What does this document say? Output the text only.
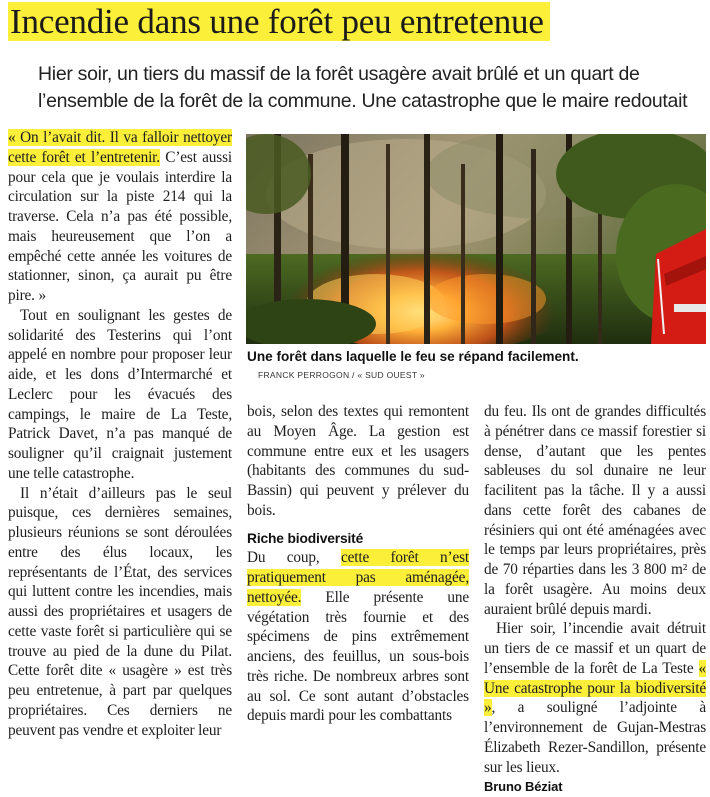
Incendie dans une forêt peu entretenue
Hier soir, un tiers du massif de la forêt usagère avait brûlé et un quart de l’ensemble de la forêt de la commune. Une catastrophe que le maire redoutait
Une forêt dans laquelle le feu se répand facilement.
FRANCK PERROGON / « SUD OUEST »

« On l’avait dit. Il va falloir nettoyer cette forêt et l’entretenir. C’est aussi pour cela que je voulais interdire la circulation sur la piste 214 qui la traverse. Cela n’a pas été possible, mais heureusement que l’on a empêché cette année les voitures de stationner, sinon, ça aurait pu être pire. »

Tout en soulignant les gestes de solidarité des Testerins qui l’ont appelé en nombre pour proposer leur aide, et les dons d’Intermarché et Leclerc pour les évacués des campings, le maire de La Teste, Patrick Davet, n’a pas manqué de souligner qu’il craignait justement une telle catastrophe.

Il n’était d’ailleurs pas le seul puisque, ces dernières semaines, plusieurs réunions se sont déroulées entre des élus locaux, les représentants de l’État, des services qui luttent contre les incendies, mais aussi des propriétaires et usagers de cette vaste forêt si particulière qui se trouve au pied de la dune du Pilat. Cette forêt dite « usagère » est très peu entretenue, à part par quelques propriétaires. Ces derniers ne peuvent pas vendre et exploiter leur

bois, selon des textes qui remontent au Moyen Âge. La gestion est commune entre eux et les usagers (habitants des communes du sud-Bassin) qui peuvent y prélever du bois.

Riche biodiversité

Du coup, cette forêt n’est pratiquement pas aménagée, nettoyée. Elle présente une végétation très fournie et des spécimens de pins extrêmement anciens, des feuillus, un sous-bois très riche. De nombreux arbres sont au sol. Ce sont autant d’obstacles depuis mardi pour les combattants

du feu. Ils ont de grandes difficultés à pénétrer dans ce massif forestier si dense, d’autant que les pentes sableuses du sol dunaire ne leur facilitent pas la tâche. Il y a aussi dans cette forêt des cabanes de résiniers qui ont été aménagées avec le temps par leurs propriétaires, près de 70 réparties dans les 3 800 m² de la forêt usagère. Au moins deux auraient brûlé depuis mardi.

Hier soir, l’incendie avait détruit un tiers de ce massif et un quart de l’ensemble de la forêt de La Teste « Une catastrophe pour la biodiversité », a souligné l’adjointe à l’environnement de Gujan-Mestras Élizabeth Rezer-Sandillon, présente sur les lieux.

Bruno Béziat
